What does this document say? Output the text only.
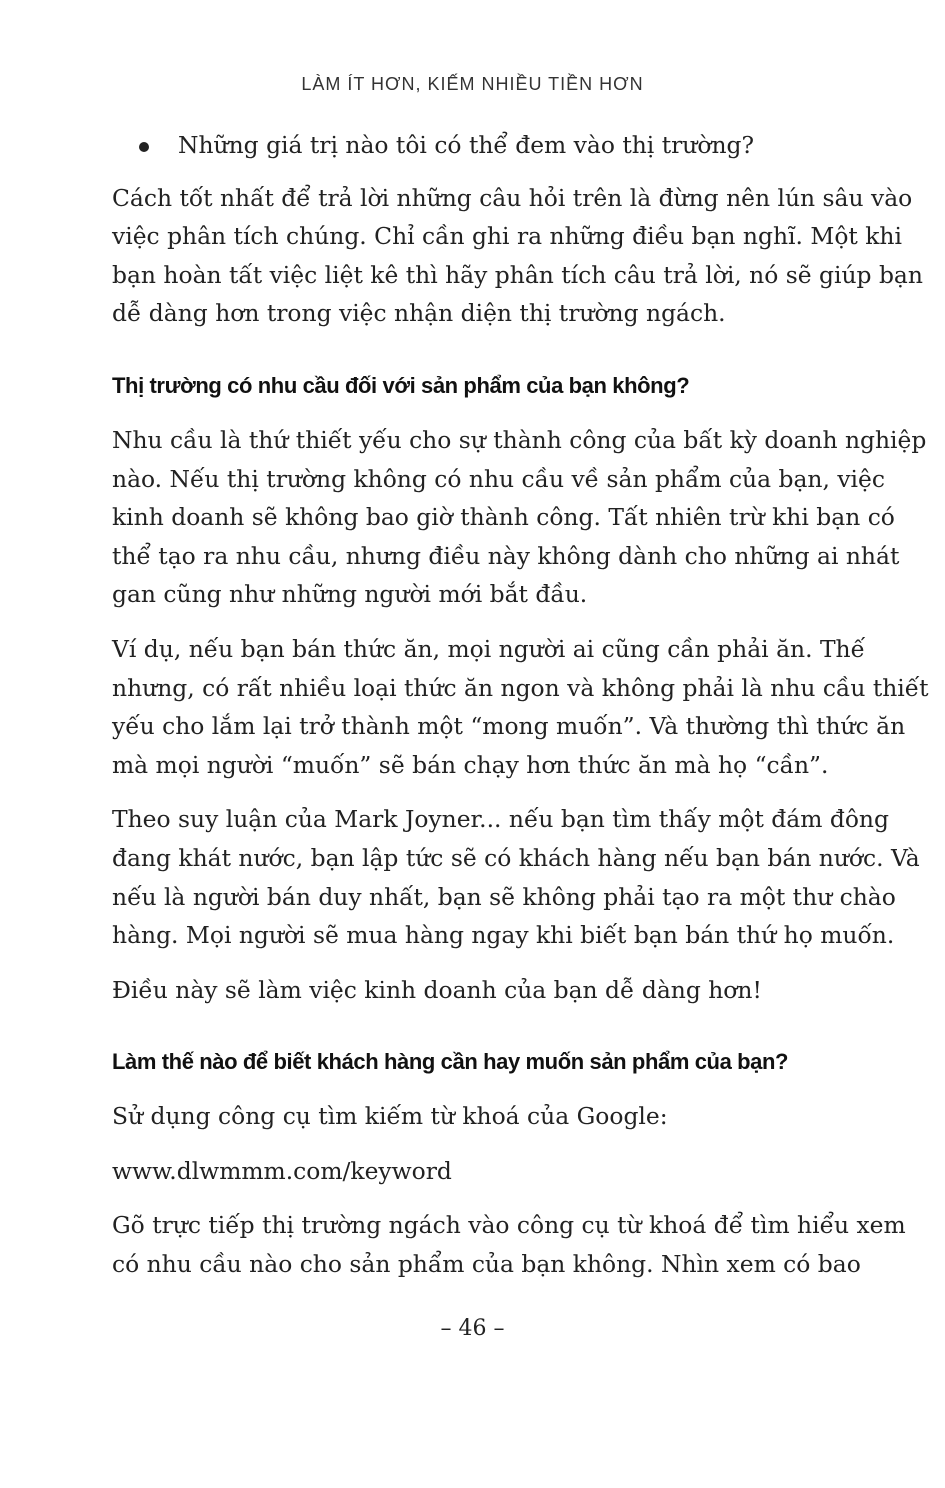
LÀM ÍT HƠN, KIẾM NHIỀU TIỀN HƠN
Những giá trị nào tôi có thể đem vào thị trường?
Cách tốt nhất để trả lời những câu hỏi trên là đừng nên lún sâu vào
việc phân tích chúng. Chỉ cần ghi ra những điều bạn nghĩ. Một khi
bạn hoàn tất việc liệt kê thì hãy phân tích câu trả lời, nó sẽ giúp bạn
dễ dàng hơn trong việc nhận diện thị trường ngách.
Thị trường có nhu cầu đối với sản phẩm của bạn không?
Nhu cầu là thứ thiết yếu cho sự thành công của bất kỳ doanh nghiệp
nào. Nếu thị trường không có nhu cầu về sản phẩm của bạn, việc
kinh doanh sẽ không bao giờ thành công. Tất nhiên trừ khi bạn có
thể tạo ra nhu cầu, nhưng điều này không dành cho những ai nhát
gan cũng như những người mới bắt đầu.
Ví dụ, nếu bạn bán thức ăn, mọi người ai cũng cần phải ăn. Thế
nhưng, có rất nhiều loại thức ăn ngon và không phải là nhu cầu thiết
yếu cho lắm lại trở thành một “mong muốn”. Và thường thì thức ăn
mà mọi người “muốn” sẽ bán chạy hơn thức ăn mà họ “cần”.
Theo suy luận của Mark Joyner... nếu bạn tìm thấy một đám đông
đang khát nước, bạn lập tức sẽ có khách hàng nếu bạn bán nước. Và
nếu là người bán duy nhất, bạn sẽ không phải tạo ra một thư chào
hàng. Mọi người sẽ mua hàng ngay khi biết bạn bán thứ họ muốn.
Điều này sẽ làm việc kinh doanh của bạn dễ dàng hơn!
Làm thế nào để biết khách hàng cần hay muốn sản phẩm của bạn?
Sử dụng công cụ tìm kiếm từ khoá của Google:
www.dlwmmm.com/keyword
Gõ trực tiếp thị trường ngách vào công cụ từ khoá để tìm hiểu xem
có nhu cầu nào cho sản phẩm của bạn không. Nhìn xem có bao
– 46 –
